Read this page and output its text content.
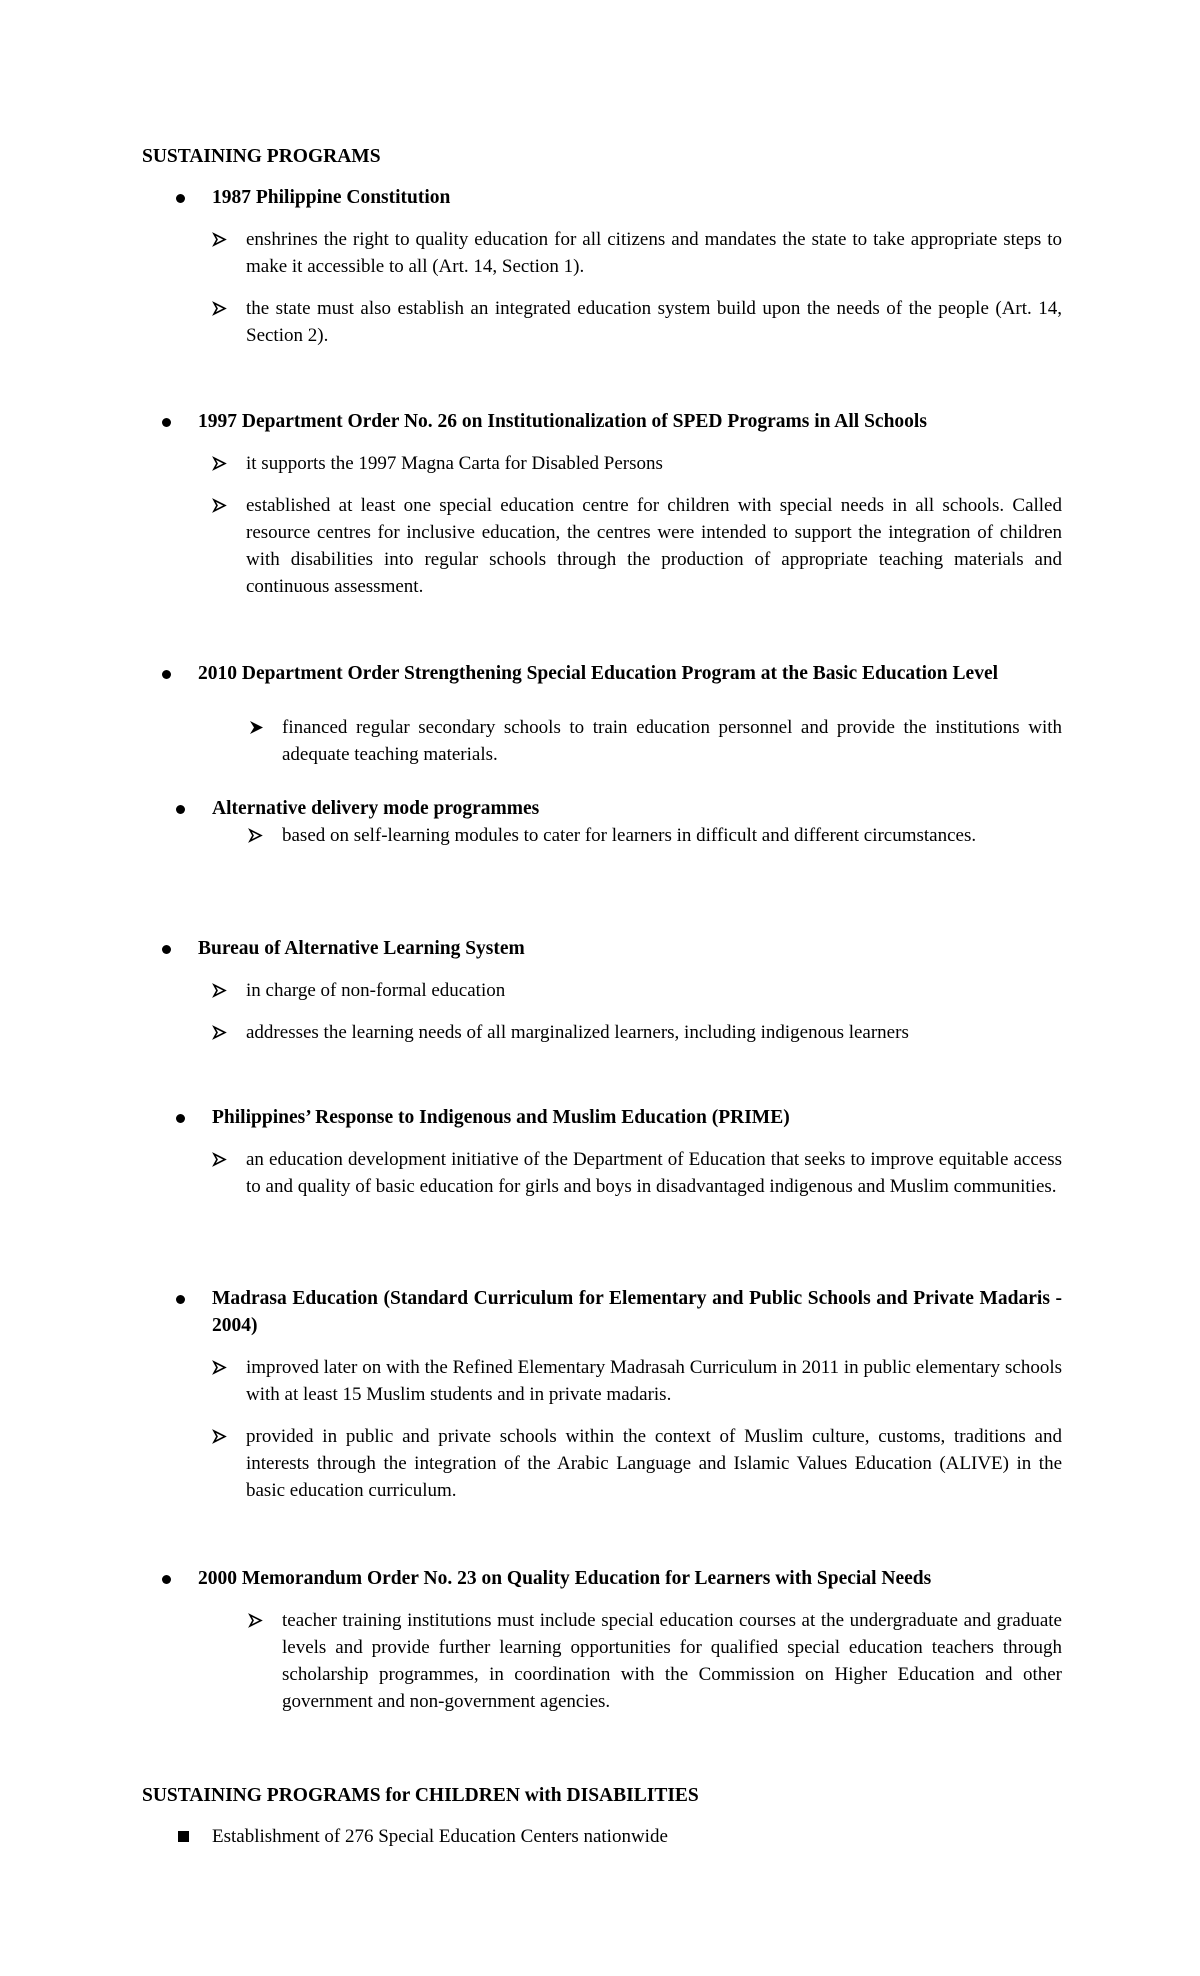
SUSTAINING PROGRAMS
1987 Philippine Constitution
enshrines the right to quality education for all citizens and mandates the state to take appropriate steps to make it accessible to all (Art. 14, Section 1).
the state must also establish an integrated education system build upon the needs of the people (Art. 14, Section 2).
1997 Department Order No. 26 on Institutionalization of SPED Programs in All Schools
it supports the 1997 Magna Carta for Disabled Persons
established at least one special education centre for children with special needs in all schools. Called resource centres for inclusive education, the centres were intended to support the integration of children with disabilities into regular schools through the production of appropriate teaching materials and continuous assessment.
2010 Department Order Strengthening Special Education Program at the Basic Education Level
financed regular secondary schools to train education personnel and provide the institutions with adequate teaching materials.
Alternative delivery mode programmes
based on self-learning modules to cater for learners in difficult and different circumstances.
Bureau of Alternative Learning System
in charge of non-formal education
addresses the learning needs of all marginalized learners, including indigenous learners
Philippines’ Response to Indigenous and Muslim Education (PRIME)
an education development initiative of the Department of Education that seeks to improve equitable access to and quality of basic education for girls and boys in disadvantaged indigenous and Muslim communities.
Madrasa Education (Standard Curriculum for Elementary and Public Schools and Private Madaris - 2004)
improved later on with the Refined Elementary Madrasah Curriculum in 2011 in public elementary schools with at least 15 Muslim students and in private madaris.
provided in public and private schools within the context of Muslim culture, customs, traditions and interests through the integration of the Arabic Language and Islamic Values Education (ALIVE) in the basic education curriculum.
2000 Memorandum Order No. 23 on Quality Education for Learners with Special Needs
teacher training institutions must include special education courses at the undergraduate and graduate levels and provide further learning opportunities for qualified special education teachers through scholarship programmes, in coordination with the Commission on Higher Education and other government and non-government agencies.
SUSTAINING PROGRAMS for CHILDREN with DISABILITIES
Establishment of 276 Special Education Centers nationwide
